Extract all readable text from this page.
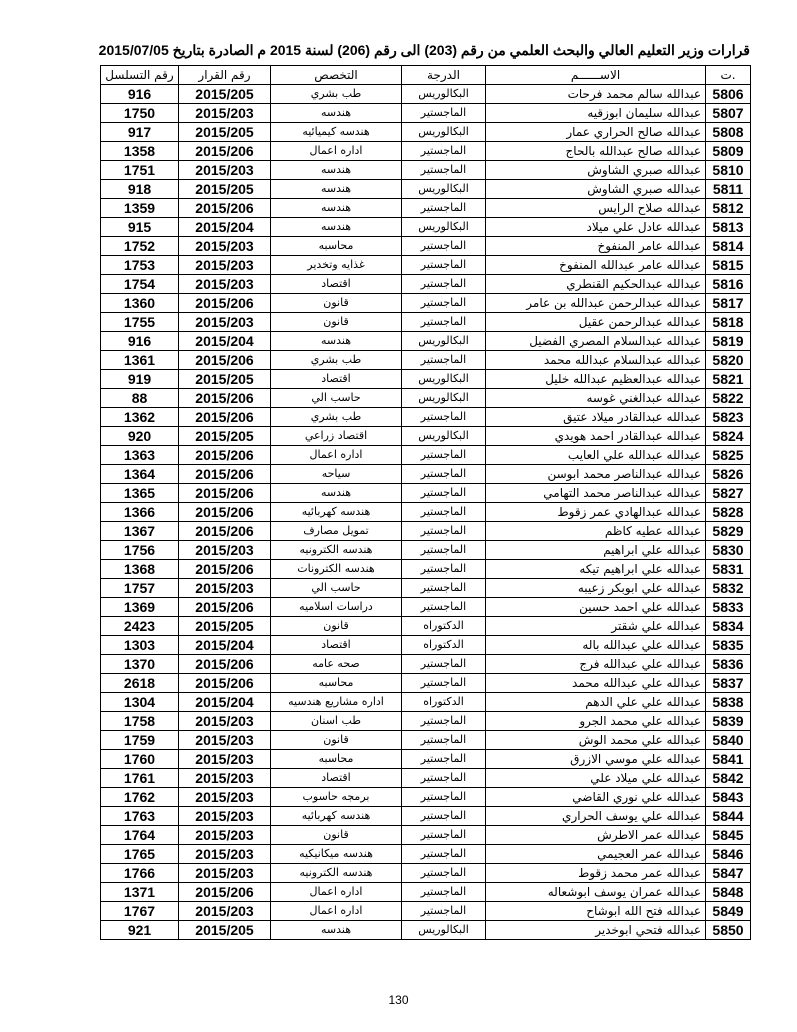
قرارات وزير التعليم العالي والبحث العلمي من رقم (203) الى رقم (206) لسنة 2015 م الصادرة بتاريخ 2015/07/05
رقم التسلسل	رقم القرار	التخصص	الدرجة	الاســــــم	ت.
916	2015/205	طب بشري	البكالوريس	عبدالله سالم محمد فرحات	5806
1750	2015/203	هندسه	الماجستير	عبدالله سليمان ابوزقيه	5807
917	2015/205	هندسه كيميائيه	البكالوريس	عبدالله صالح الحراري عمار	5808
1358	2015/206	اداره اعمال	الماجستير	عبدالله صالح عبدالله بالحاج	5809
1751	2015/203	هندسه	الماجستير	عبدالله صبري الشاوش	5810
918	2015/205	هندسه	البكالوريس	عبدالله صبري الشاوش	5811
1359	2015/206	هندسه	الماجستير	عبدالله صلاح الرايس	5812
915	2015/204	هندسه	البكالوريس	عبدالله عادل علي ميلاد	5813
1752	2015/203	محاسبه	الماجستير	عبدالله عامر المنفوخ	5814
1753	2015/203	غذايه وتخدير	الماجستير	عبدالله عامر عبدالله المنفوخ	5815
1754	2015/203	اقتصاد	الماجستير	عبدالله عبدالحكيم القنطري	5816
1360	2015/206	قانون	الماجستير	عبدالله عبدالرحمن عبدالله بن عامر	5817
1755	2015/203	قانون	الماجستير	عبدالله عبدالرحمن عقيل	5818
916	2015/204	هندسه	البكالوريس	عبدالله عبدالسلام المصري الفضيل	5819
1361	2015/206	طب بشري	الماجستير	عبدالله عبدالسلام عبدالله محمد	5820
919	2015/205	اقتصاد	البكالوريس	عبدالله عبدالعظيم عبدالله خليل	5821
88	2015/206	حاسب الي	البكالوريس	عبدالله عبدالغني غوسه	5822
1362	2015/206	طب بشري	الماجستير	عبدالله عبدالقادر ميلاد عتيق	5823
920	2015/205	اقتصاد زراعي	البكالوريس	عبدالله عبدالقادر احمد هويدي	5824
1363	2015/206	اداره اعمال	الماجستير	عبدالله عبدالله علي العايب	5825
1364	2015/206	سياحه	الماجستير	عبدالله عبدالناصر محمد ابوسن	5826
1365	2015/206	هندسه	الماجستير	عبدالله عبدالناصر محمد التهامي	5827
1366	2015/206	هندسه كهربائيه	الماجستير	عبدالله عبدالهادي عمر زقوط	5828
1367	2015/206	تمويل مصارف	الماجستير	عبدالله عطيه كاظم	5829
1756	2015/203	هندسه الكترونيه	الماجستير	عبدالله علي ابراهيم	5830
1368	2015/206	هندسه الكترونات	الماجستير	عبدالله علي ابراهيم تيكه	5831
1757	2015/203	حاسب الي	الماجستير	عبدالله علي ابوبكر زعيبه	5832
1369	2015/206	دراسات اسلاميه	الماجستير	عبدالله علي احمد حسين	5833
2423	2015/205	قانون	الدكتوراه	عبدالله علي شقتر	5834
1303	2015/204	اقتصاد	الدكتوراه	عبدالله علي عبدالله باله	5835
1370	2015/206	صحه عامه	الماجستير	عبدالله علي عبدالله فرج	5836
2618	2015/206	محاسبه	الماجستير	عبدالله علي عبدالله محمد	5837
1304	2015/204	اداره مشاريع هندسيه	الدكتوراه	عبدالله علي علي الدهم	5838
1758	2015/203	طب اسنان	الماجستير	عبدالله علي محمد الجرو	5839
1759	2015/203	قانون	الماجستير	عبدالله علي محمد الوش	5840
1760	2015/203	محاسبه	الماجستير	عبدالله علي موسي الازرق	5841
1761	2015/203	اقتصاد	الماجستير	عبدالله علي ميلاد علي	5842
1762	2015/203	برمجه حاسوب	الماجستير	عبدالله علي نوري القاضي	5843
1763	2015/203	هندسه كهربائيه	الماجستير	عبدالله علي يوسف الحراري	5844
1764	2015/203	قانون	الماجستير	عبدالله عمر الاطرش	5845
1765	2015/203	هندسه ميكانيكيه	الماجستير	عبدالله عمر العجيمي	5846
1766	2015/203	هندسه الكترونيه	الماجستير	عبدالله عمر محمد زقوط	5847
1371	2015/206	اداره اعمال	الماجستير	عبدالله عمران يوسف ابوشعاله	5848
1767	2015/203	اداره اعمال	الماجستير	عبدالله فتح الله ابوشاح	5849
921	2015/205	هندسه	البكالوريس	عبدالله فتحي ابوخدير	5850
130
